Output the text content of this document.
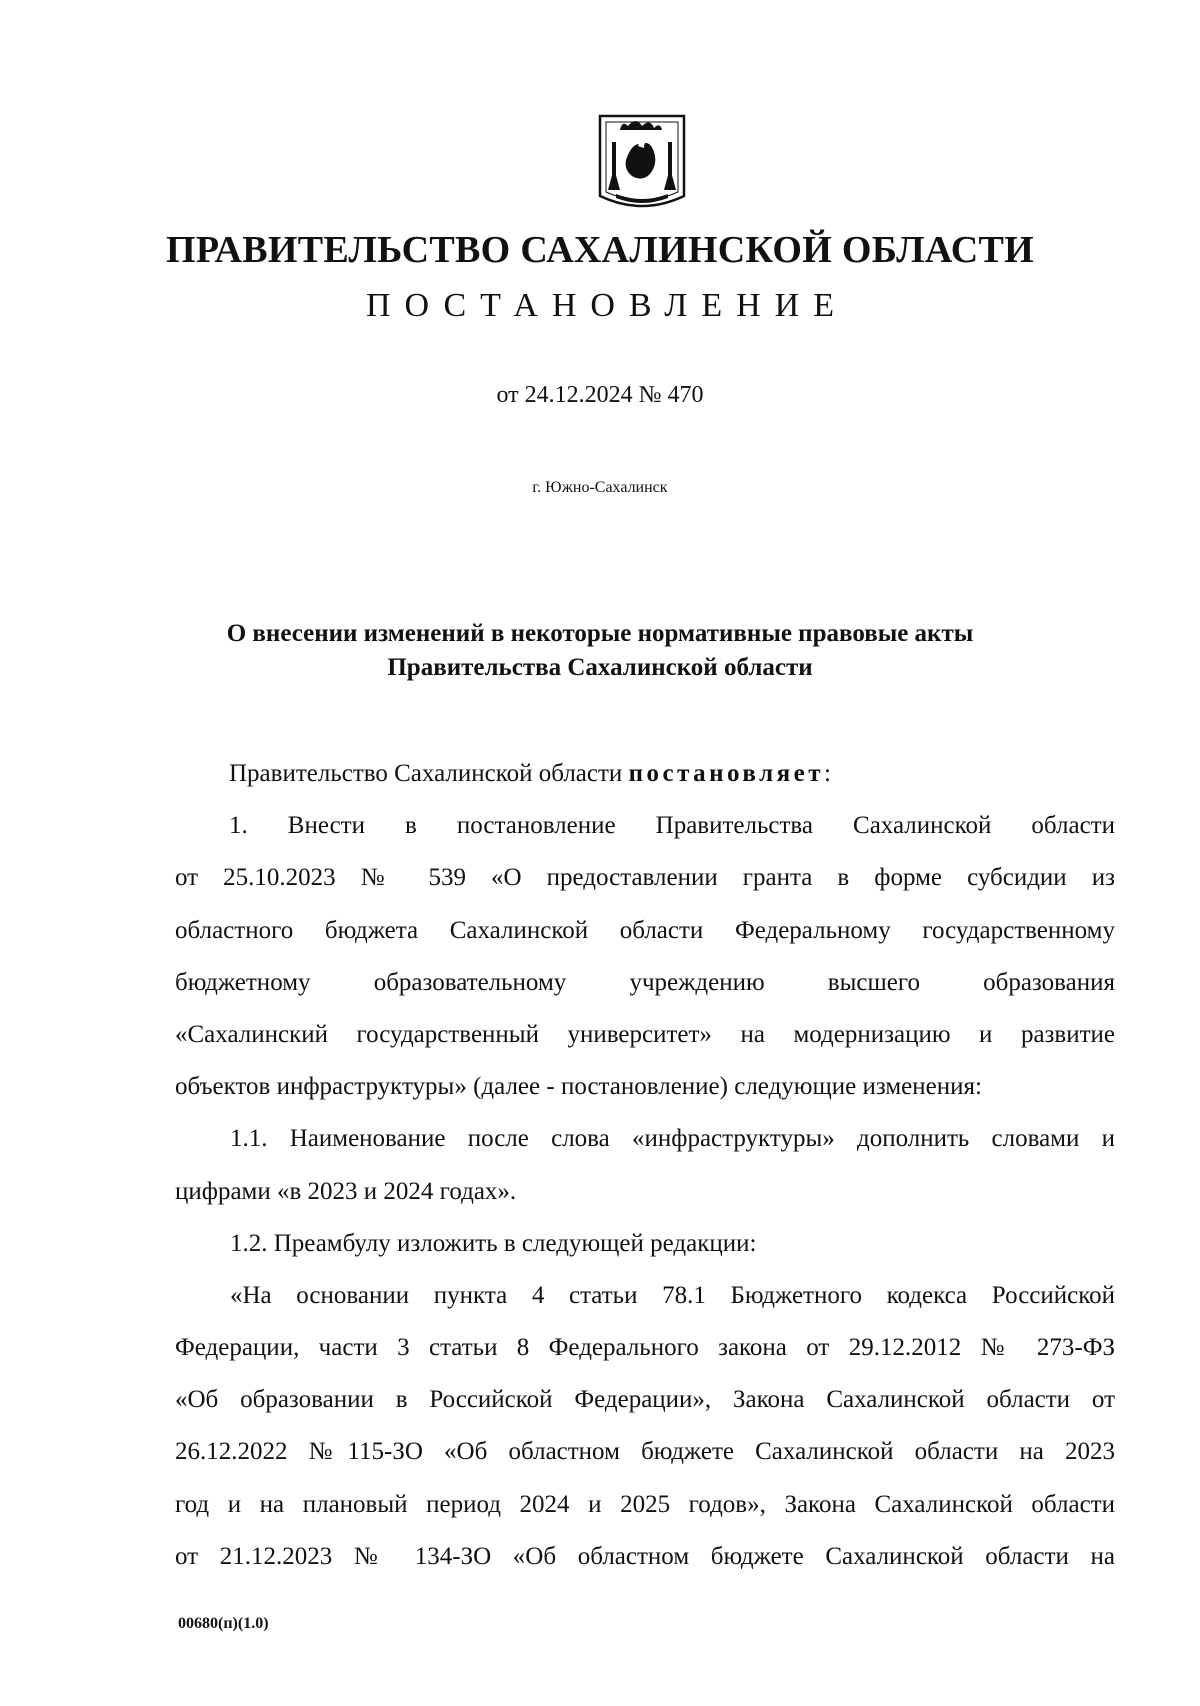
ПРАВИТЕЛЬСТВО САХАЛИНСКОЙ ОБЛАСТИ
ПОСТАНОВЛЕНИЕ
от 24.12.2024 № 470
г. Южно-Сахалинск
О внесении изменений в некоторые нормативные правовые акты
Правительства Сахалинской области
Правительство Сахалинской области постановляет:
1. Внести в постановление Правительства Сахалинской области
от 25.10.2023 № 539 «О предоставлении гранта в форме субсидии из
областного бюджета Сахалинской области Федеральному государственному
бюджетному образовательному учреждению высшего образования
«Сахалинский государственный университет» на модернизацию и развитие
объектов инфраструктуры» (далее - постановление) следующие изменения:
1.1. Наименование после слова «инфраструктуры» дополнить словами и
цифрами «в 2023 и 2024 годах».
1.2. Преамбулу изложить в следующей редакции:
«На основании пункта 4 статьи 78.1 Бюджетного кодекса Российской
Федерации, части 3 статьи 8 Федерального закона от 29.12.2012 № 273-ФЗ
«Об образовании в Российской Федерации», Закона Сахалинской области от
26.12.2022 №115-ЗО «Об областном бюджете Сахалинской области на 2023
год и на плановый период 2024 и 2025 годов», Закона Сахалинской области
от 21.12.2023 № 134-ЗО «Об областном бюджете Сахалинской области на
00680(п)(1.0)
